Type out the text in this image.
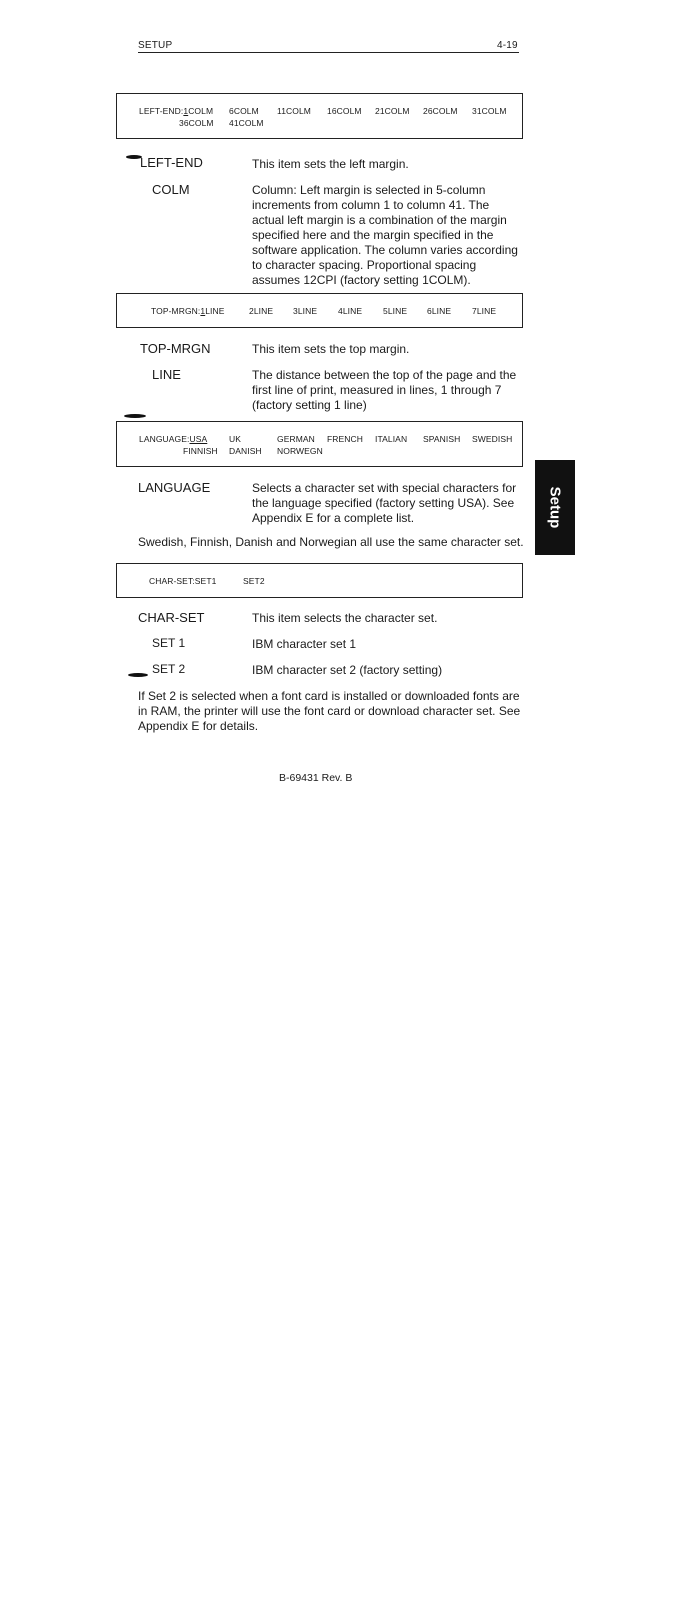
SETUP	4-19
LEFT-END:1COLM 6COLM 11COLM 16COLM 21COLM 26COLM 31COLM
36COLM 41COLM
LEFT-END	This item sets the left margin.
COLM	Column: Left margin is selected in 5-column
increments from column 1 to column 41. The
actual left margin is a combination of the margin
specified here and the margin specified in the
software application. The column varies according
to character spacing. Proportional spacing
assumes 12CPI (factory setting 1COLM).
TOP-MRGN:1LINE	2LINE 3LINE 4LINE 5LINE 6LINE 7LINE
TOP-MRGN	This item sets the top margin.
LINE	The distance between the top of the page and the
first line of print, measured in lines, 1 through 7
(factory setting 1 line)
LANGUAGE:USA	UK	GERMAN FRENCH ITALIAN SPANISH SWEDISH
FINNISH DANISH NORWEGN
LANGUAGE	Selects a character set with special characters for
the language specified (factory setting USA). See
Appendix E for a complete list.
Swedish, Finnish, Danish and Norwegian all use the same character set.
Setup
CHAR-SET:SET1	SET2
CHAR-SET	This item selects the character set.
SET 1	IBM character set 1
SET 2	IBM character set 2 (factory setting)
If Set 2 is selected when a font card is installed or downloaded fonts are
in RAM, the printer will use the font card or download character set. See
Appendix E for details.
B-69431 Rev. B
